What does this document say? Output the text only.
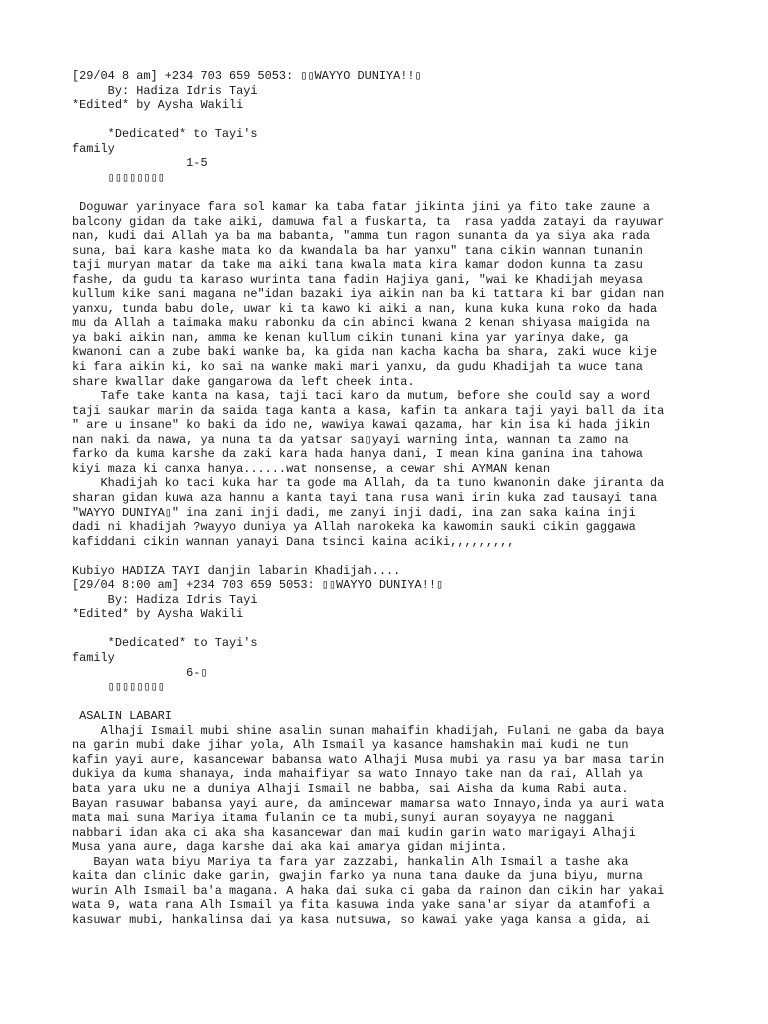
[29/04 8 am] +234 703 659 5053: ▯▯WAYYO DUNIYA!!▯
By: Hadiza Idris Tayi
*Edited* by Aysha Wakili
*Dedicated* to Tayi's
family
1-5
▯▯▯▯▯▯▯▯
Doguwar yarinyace fara sol kamar ka taba fatar jikinta jini ya fito take zaune a
balcony gidan da take aiki, damuwa fal a fuskarta, ta  rasa yadda zatayi da rayuwar
nan, kudi dai Allah ya ba ma babanta, "amma tun ragon sunanta da ya siya aka rada
suna, bai kara kashe mata ko da kwandala ba har yanxu" tana cikin wannan tunanin
taji muryan matar da take ma aiki tana kwala mata kira kamar dodon kunna ta zasu
fashe, da gudu ta karaso wurinta tana fadin Hajiya gani, "wai ke Khadijah meyasa
kullum kike sani magana ne"idan bazaki iya aikin nan ba ki tattara ki bar gidan nan
yanxu, tunda babu dole, uwar ki ta kawo ki aiki a nan, kuna kuka kuna roko da hada
mu da Allah a taimaka maku rabonku da cin abinci kwana 2 kenan shiyasa maigida na
ya baki aikin nan, amma ke kenan kullum cikin tunani kina yar yarinya dake, ga
kwanoni can a zube baki wanke ba, ka gida nan kacha kacha ba shara, zaki wuce kije
ki fara aikin ki, ko sai na wanke maki mari yanxu, da gudu Khadijah ta wuce tana
share kwallar dake gangarowa da left cheek inta.
Tafe take kanta na kasa, taji taci karo da mutum, before she could say a word
taji saukar marin da saida taga kanta a kasa, kafin ta ankara taji yayi ball da ita
" are u insane" ko baki da ido ne, wawiya kawai qazama, har kin isa ki hada jikin
nan naki da nawa, ya nuna ta da yatsar sa▯yayi warning inta, wannan ta zamo na
farko da kuma karshe da zaki kara hada hanya dani, I mean kina ganina ina tahowa
kiyi maza ki canxa hanya......wat nonsense, a cewar shi AYMAN kenan
Khadijah ko taci kuka har ta gode ma Allah, da ta tuno kwanonin dake jiranta da
sharan gidan kuwa aza hannu a kanta tayi tana rusa wani irin kuka zad tausayi tana
"WAYYO DUNIYA▯" ina zani inji dadi, me zanyi inji dadi, ina zan saka kaina inji
dadi ni khadijah ?wayyo duniya ya Allah narokeka ka kawomin sauki cikin gaggawa
kafiddani cikin wannan yanayi Dana tsinci kaina aciki,,,,,,,,,
Kubiyo HADIZA TAYI danjin labarin Khadijah....
[29/04 8:00 am] +234 703 659 5053: ▯▯WAYYO DUNIYA!!▯
By: Hadiza Idris Tayi
*Edited* by Aysha Wakili
*Dedicated* to Tayi's
family
6-▯
▯▯▯▯▯▯▯▯
ASALIN LABARI
Alhaji Ismail mubi shine asalin sunan mahaifin khadijah, Fulani ne gaba da baya
na garin mubi dake jihar yola, Alh Ismail ya kasance hamshakin mai kudi ne tun
kafin yayi aure, kasancewar babansa wato Alhaji Musa mubi ya rasu ya bar masa tarin
dukiya da kuma shanaya, inda mahaifiyar sa wato Innayo take nan da rai, Allah ya
bata yara uku ne a duniya Alhaji Ismail ne babba, sai Aisha da kuma Rabi auta.
Bayan rasuwar babansa yayi aure, da amincewar mamarsa wato Innayo,inda ya auri wata
mata mai suna Mariya itama fulanin ce ta mubi,sunyi auran soyayya ne naggani
nabbari idan aka ci aka sha kasancewar dan mai kudin garin wato marigayi Alhaji
Musa yana aure, daga karshe dai aka kai amarya gidan mijinta.
Bayan wata biyu Mariya ta fara yar zazzabi, hankalin Alh Ismail a tashe aka
kaita dan clinic dake garin, gwajin farko ya nuna tana dauke da juna biyu, murna
wurin Alh Ismail ba'a magana. A haka dai suka ci gaba da rainon dan cikin har yakai
wata 9, wata rana Alh Ismail ya fita kasuwa inda yake sana'ar siyar da atamfofi a
kasuwar mubi, hankalinsa dai ya kasa nutsuwa, so kawai yake yaga kansa a gida, ai
